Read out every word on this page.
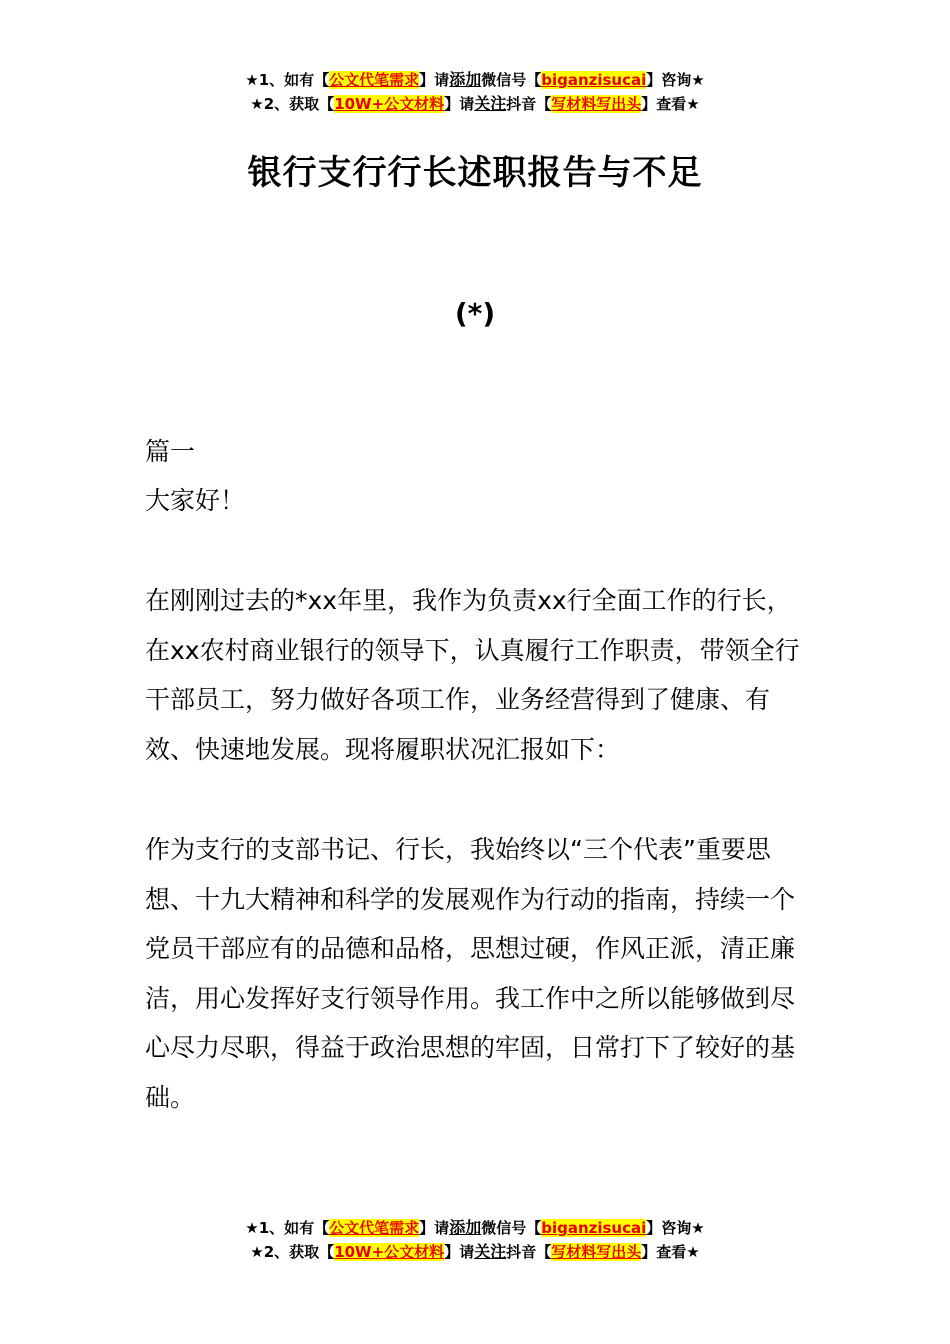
★1、如有【公文代笔需求】请添加微信号【biganzisucai】咨询★
★2、获取【10W+公文材料】请关注抖音【写材料写出头】查看★
银行支行行长述职报告与不足
(*)
篇一
大家好！

在刚刚过去的*xx年里，我作为负责xx行全面工作的行长，在xx农村商业银行的领导下，认真履行工作职责，带领全行干部员工，努力做好各项工作，业务经营得到了健康、有效、快速地发展。现将履职状况汇报如下：

作为支行的支部书记、行长，我始终以“三个代表”重要思想、十九大精神和科学的发展观作为行动的指南，持续一个党员干部应有的品德和品格，思想过硬，作风正派，清正廉洁，用心发挥好支行领导作用。我工作中之所以能够做到尽心尽力尽职，得益于政治思想的牢固，日常打下了较好的基础。

★1、如有【公文代笔需求】请添加微信号【biganzisucai】咨询★
★2、获取【10W+公文材料】请关注抖音【写材料写出头】查看★
